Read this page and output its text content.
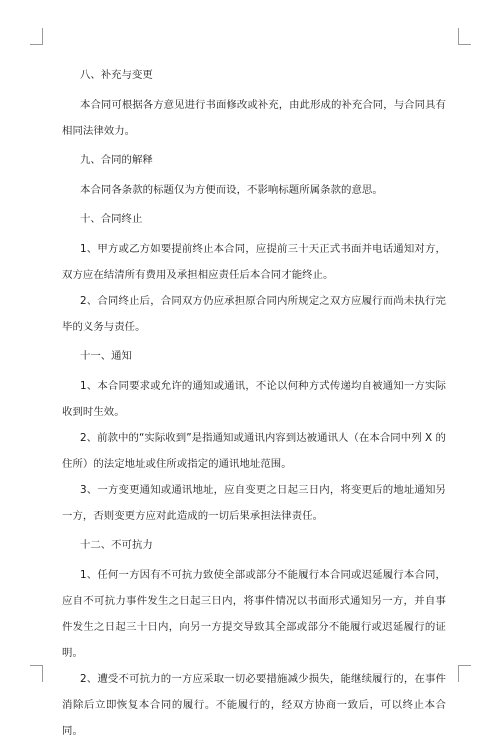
八、补充与变更

本合同可根据各方意见进行书面修改或补充，由此形成的补充合同，与合同具有相同法律效力。

九、合同的解释

本合同各条款的标题仅为方便而设，不影响标题所属条款的意思。

十、合同终止

1、甲方或乙方如要提前终止本合同，应提前三十天正式书面并电话通知对方，双方应在结清所有费用及承担相应责任后本合同才能终止。

2、合同终止后，合同双方仍应承担原合同内所规定之双方应履行而尚未执行完毕的义务与责任。

十一、通知

1、本合同要求或允许的通知或通讯，不论以何种方式传递均自被通知一方实际收到时生效。

2、前款中的“实际收到”是指通知或通讯内容到达被通讯人（在本合同中列 X 的住所）的法定地址或住所或指定的通讯地址范围。

3、一方变更通知或通讯地址，应自变更之日起三日内，将变更后的地址通知另一方，否则变更方应对此造成的一切后果承担法律责任。

十二、不可抗力

1、任何一方因有不可抗力致使全部或部分不能履行本合同或迟延履行本合同，应自不可抗力事件发生之日起三日内，将事件情况以书面形式通知另一方，并自事件发生之日起三十日内，向另一方提交导致其全部或部分不能履行或迟延履行的证明。

2、遭受不可抗力的一方应采取一切必要措施减少损失，能继续履行的，在事件消除后立即恢复本合同的履行。不能履行的，经双方协商一致后，可以终止本合同。
